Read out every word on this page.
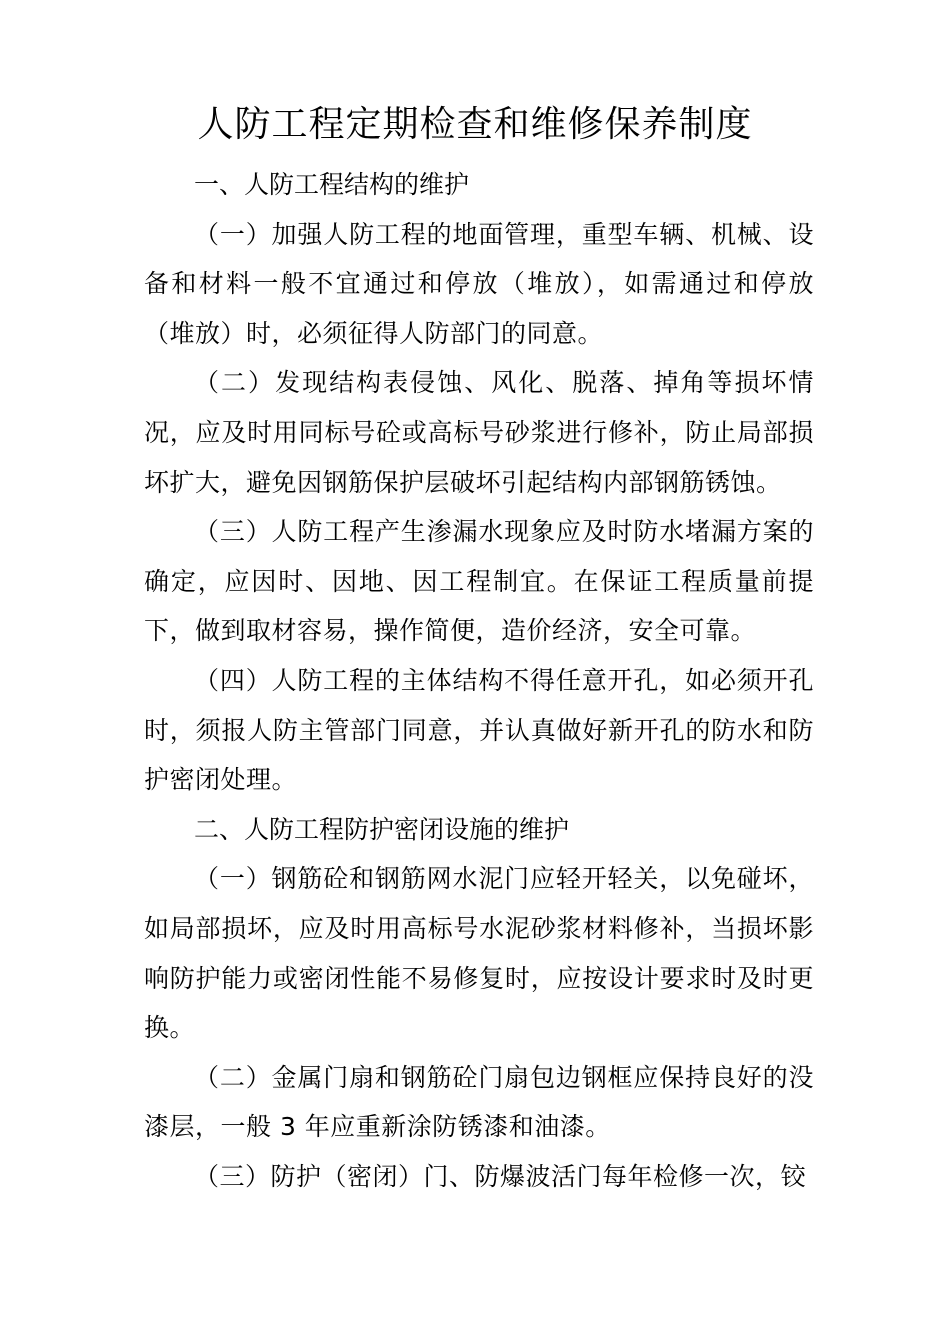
人防工程定期检查和维修保养制度

一、人防工程结构的维护

（一）加强人防工程的地面管理，重型车辆、机械、设备和材料一般不宜通过和停放（堆放），如需通过和停放（堆放）时，必须征得人防部门的同意。

（二）发现结构表侵蚀、风化、脱落、掉角等损坏情况，应及时用同标号砼或高标号砂浆进行修补，防止局部损坏扩大，避免因钢筋保护层破坏引起结构内部钢筋锈蚀。

（三）人防工程产生渗漏水现象应及时防水堵漏方案的确定，应因时、因地、因工程制宜。在保证工程质量前提下，做到取材容易，操作简便，造价经济，安全可靠。

（四）人防工程的主体结构不得任意开孔，如必须开孔时，须报人防主管部门同意，并认真做好新开孔的防水和防护密闭处理。

二、人防工程防护密闭设施的维护

（一）钢筋砼和钢筋网水泥门应轻开轻关，以免碰坏，如局部损坏，应及时用高标号水泥砂浆材料修补，当损坏影响防护能力或密闭性能不易修复时，应按设计要求时及时更换。

（二）金属门扇和钢筋砼门扇包边钢框应保持良好的没漆层，一般 3 年应重新涂防锈漆和油漆。

（三）防护（密闭）门、防爆波活门每年检修一次，铰
